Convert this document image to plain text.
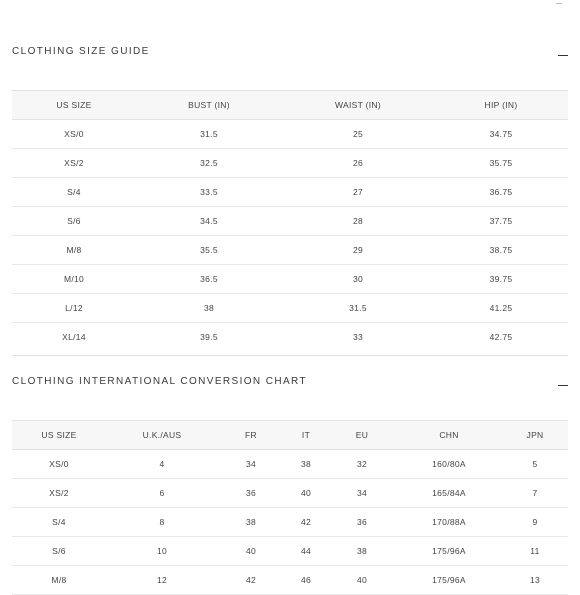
CLOTHING SIZE GUIDE
US SIZE	BUST (IN)	WAIST (IN)	HIP (IN)
XS/0	31.5	25	34.75
XS/2	32.5	26	35.75
S/4	33.5	27	36.75
S/6	34.5	28	37.75
M/8	35.5	29	38.75
M/10	36.5	30	39.75
L/12	38	31.5	41.25
XL/14	39.5	33	42.75
CLOTHING INTERNATIONAL CONVERSION CHART
US SIZE	U.K./AUS	FR	IT	EU	CHN	JPN
XS/0	4	34	38	32	160/80A	5
XS/2	6	36	40	34	165/84A	7
S/4	8	38	42	36	170/88A	9
S/6	10	40	44	38	175/96A	11
M/8	12	42	46	40	175/96A	13
